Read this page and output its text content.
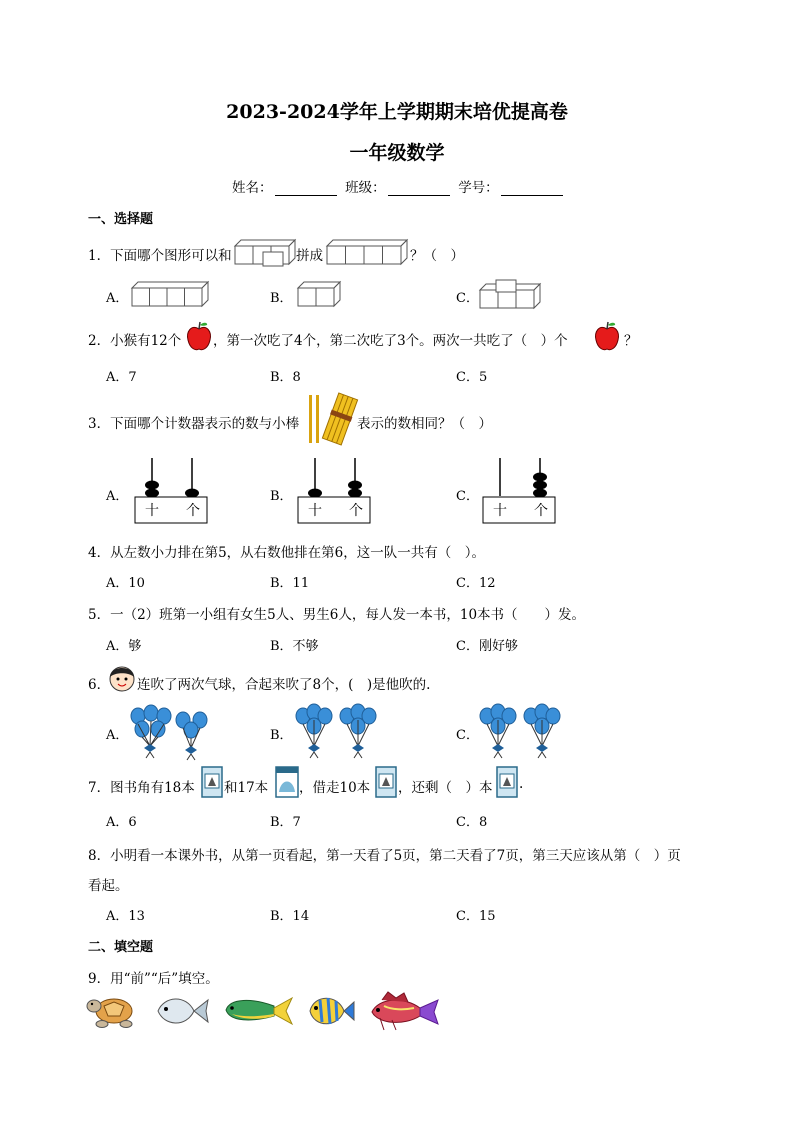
2023-2024学年上学期期末培优提高卷
一年级数学
姓名：	班级：	学号：
一、选择题
1．下面哪个图形可以和	拼成	？（　）
A．	B．	C．
2．小猴有12个 ，第一次吃了4个，第二次吃了3个。两次一共吃了（　）个	？
A．7	B．8	C．5
3．下面哪个计数器表示的数与小棒	表示的数相同？（　）
A．
十 个
B．
十 个
C．
十 个
4．从左数小力排在第5，从右数他排在第6，这一队一共有（　）。
A．10	B．11	C．12
5．一（2）班第一小组有女生5人、男生6人，每人发一本书，10本书（　　）发。
A．够	B．不够	C．刚好够
6． 连吹了两次气球，合起来吹了8个，(　)是他吹的.
A．	B．	C．
7．图书角有18本 和17本 ，借走10本 ，还剩（　）本 .
A．6	B．7	C．8
8．小明看一本课外书，从第一页看起，第一天看了5页，第二天看了7页，第三天应该从第（　）页
看起。
A．13	B．14	C．15
二、填空题
9．用“前”“后”填空。
